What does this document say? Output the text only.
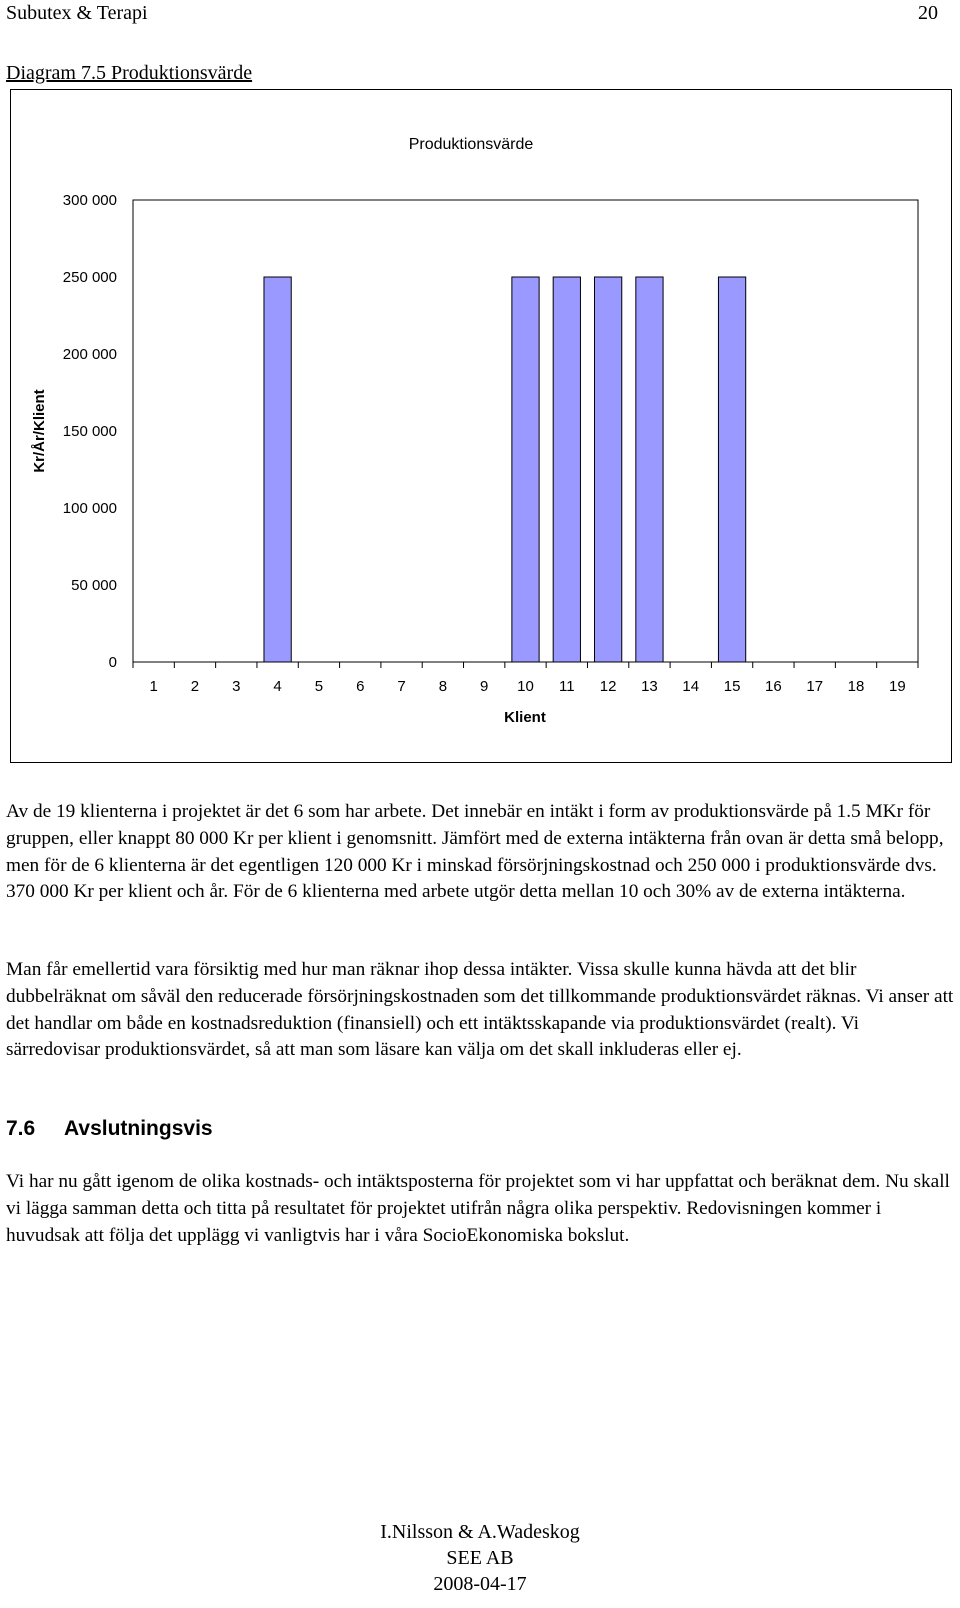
Subutex & Terapi	20
Diagram 7.5 Produktionsvärde
Produktionsvärde
0
50 000
100 000
150 000
200 000
250 000
300 000
1 2 3 4 5 6 7 8 9 10 11 12 13 14 15 16 17 18 19
Kr/År/Klient
Klient

Av de 19 klienterna i projektet är det 6 som har arbete. Det innebär en intäkt i form av produktionsvärde på 1.5 MKr för gruppen, eller knappt 80 000 Kr per klient i genomsnitt. Jämfört med de externa intäkterna från ovan är detta små belopp, men för de 6 klienterna är det egentligen 120 000 Kr i minskad försörjningskostnad och 250 000 i produktionsvärde dvs. 370 000 Kr per klient och år. För de 6 klienterna med arbete utgör detta mellan 10 och 30% av de externa intäkterna.

Man får emellertid vara försiktig med hur man räknar ihop dessa intäkter. Vissa skulle kunna hävda att det blir dubbelräknat om såväl den reducerade försörjningskostnaden som det tillkommande produktionsvärdet räknas. Vi anser att det handlar om både en kostnadsreduktion (finansiell) och ett intäktsskapande via produktionsvärdet (realt). Vi särredovisar produktionsvärdet, så att man som läsare kan välja om det skall inkluderas eller ej.

7.6 Avslutningsvis

Vi har nu gått igenom de olika kostnads- och intäktsposterna för projektet som vi har uppfattat och beräknat dem. Nu skall vi lägga samman detta och titta på resultatet för projektet utifrån några olika perspektiv. Redovisningen kommer i huvudsak att följa det upplägg vi vanligtvis har i våra SocioEkonomiska bokslut.

I.Nilsson & A.Wadeskog
SEE AB
2008-04-17
